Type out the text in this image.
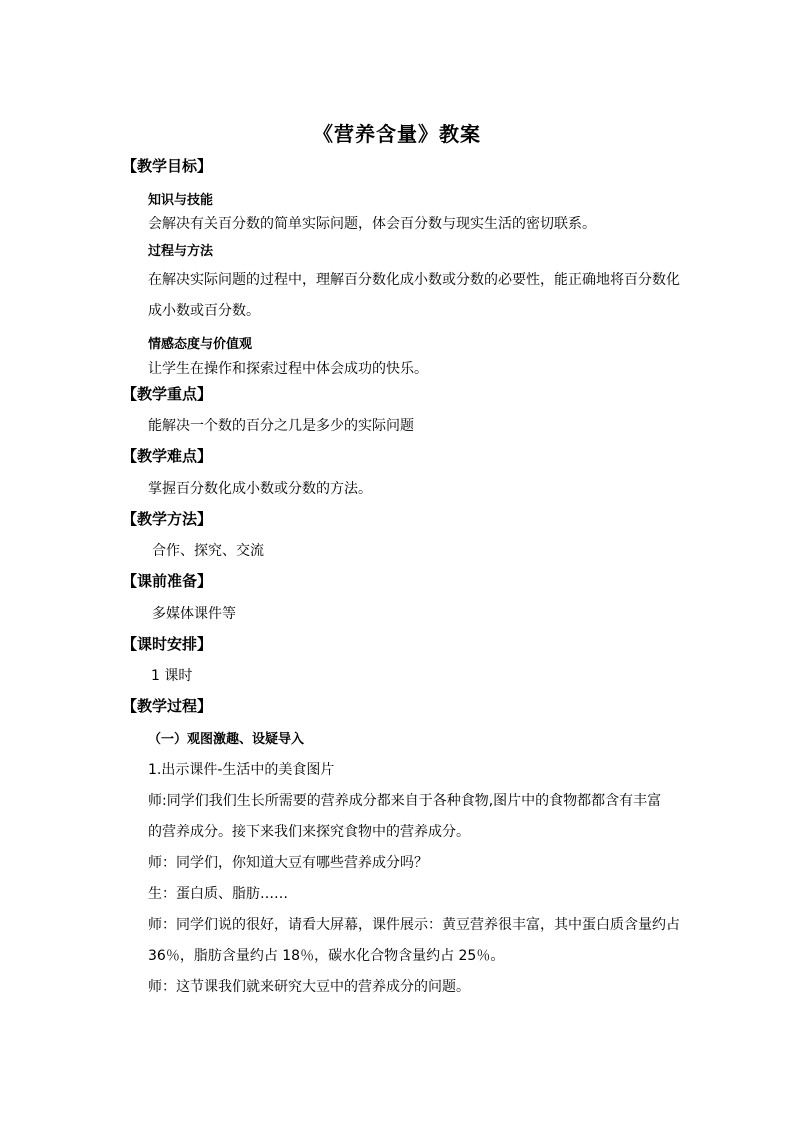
《营养含量》教案
【教学目标】
知识与技能
会解决有关百分数的简单实际问题，体会百分数与现实生活的密切联系。
过程与方法
在解决实际问题的过程中，理解百分数化成小数或分数的必要性，能正确地将百分数化
成小数或百分数。
情感态度与价值观
让学生在操作和探索过程中体会成功的快乐。
【教学重点】
能解决一个数的百分之几是多少的实际问题
【教学难点】
掌握百分数化成小数或分数的方法。
【教学方法】
合作、探究、交流
【课前准备】
多媒体课件等
【课时安排】
1 课时
【教学过程】
（一）观图激趣、设疑导入
1.出示课件-生活中的美食图片
师:同学们我们生长所需要的营养成分都来自于各种食物,图片中的食物都都含有丰富
的营养成分。接下来我们来探究食物中的营养成分。
师：同学们，你知道大豆有哪些营养成分吗？
生：蛋白质、脂肪……
师：同学们说的很好，请看大屏幕，课件展示：黄豆营养很丰富，其中蛋白质含量约占
36％，脂肪含量约占 18％，碳水化合物含量约占 25％。
师：这节课我们就来研究大豆中的营养成分的问题。
